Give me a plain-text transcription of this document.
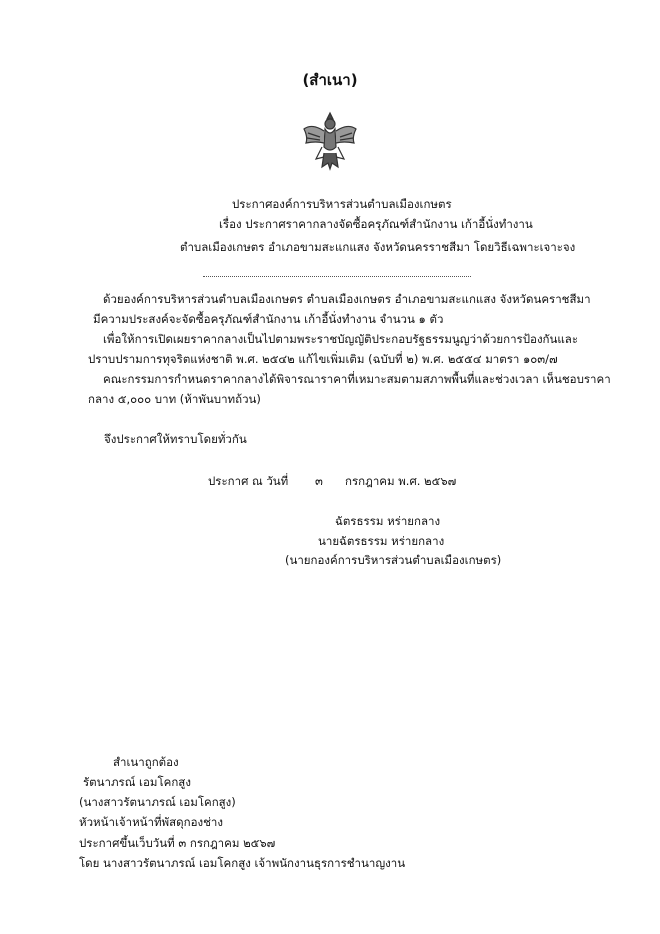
(สำเนา)
ประกาศองค์การบริหารส่วนตำบลเมืองเกษตร
เรื่อง ประกาศราคากลางจัดซื้อครุภัณฑ์สำนักงาน เก้าอี้นั่งทำงาน
ตำบลเมืองเกษตร อำเภอขามสะแกแสง จังหวัดนครราชสีมา โดยวิธีเฉพาะเจาะจง
ด้วยองค์การบริหารส่วนตำบลเมืองเกษตร ตำบลเมืองเกษตร อำเภอขามสะแกแสง จังหวัดนคราชสีมา
มีความประสงค์จะจัดซื้อครุภัณฑ์สำนักงาน เก้าอี้นั่งทำงาน จำนวน ๑ ตัว
เพื่อให้การเปิดเผยราคากลางเป็นไปตามพระราชบัญญัติประกอบรัฐธรรมนูญว่าด้วยการป้องกันและ
ปราบปรามการทุจริตแห่งชาติ พ.ศ. ๒๕๔๒ แก้ไขเพิ่มเติม (ฉบับที่ ๒) พ.ศ. ๒๕๕๔ มาตรา ๑๐๓/๗
คณะกรรมการกำหนดราคากลางได้พิจารณาราคาที่เหมาะสมตามสภาพพื้นที่และช่วงเวลา เห็นชอบราคา
กลาง ๕,๐๐๐ บาท (ห้าพันบาทถ้วน)
จึงประกาศให้ทราบโดยทั่วกัน
ประกาศ ณ วันที่ ๓ กรกฎาคม พ.ศ. ๒๕๖๗
ฉัตรธรรม หร่ายกลาง
นายฉัตรธรรม หร่ายกลาง
(นายกองค์การบริหารส่วนตำบลเมืองเกษตร)
สำเนาถูกต้อง
รัตนาภรณ์ เอมโคกสูง
(นางสาวรัตนาภรณ์ เอมโคกสูง)
หัวหน้าเจ้าหน้าที่พัสดุกองช่าง
ประกาศขึ้นเว็บวันที่ ๓ กรกฎาคม ๒๕๖๗
โดย นางสาวรัตนาภรณ์ เอมโคกสูง เจ้าพนักงานธุรการชำนาญงาน
